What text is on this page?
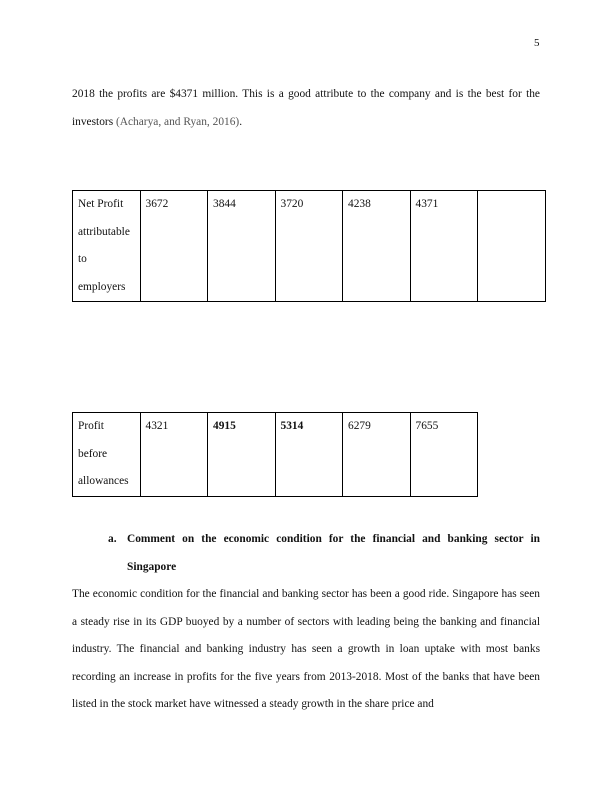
5

2018 the profits are $4371 million. This is a good attribute to the company and is the best for the investors (Acharya, and Ryan, 2016).

Net Profit attributable to employers	3672	3844	3720	4238	4371	
Profit before allowances	4321	4915	5314	6279	7655
a. Comment on the economic condition for the financial and banking sector in Singapore

The economic condition for the financial and banking sector has been a good ride. Singapore has seen a steady rise in its GDP buoyed by a number of sectors with leading being the banking and financial industry. The financial and banking industry has seen a growth in loan uptake with most banks recording an increase in profits for the five years from 2013-2018. Most of the banks that have been listed in the stock market have witnessed a steady growth in the share price and
